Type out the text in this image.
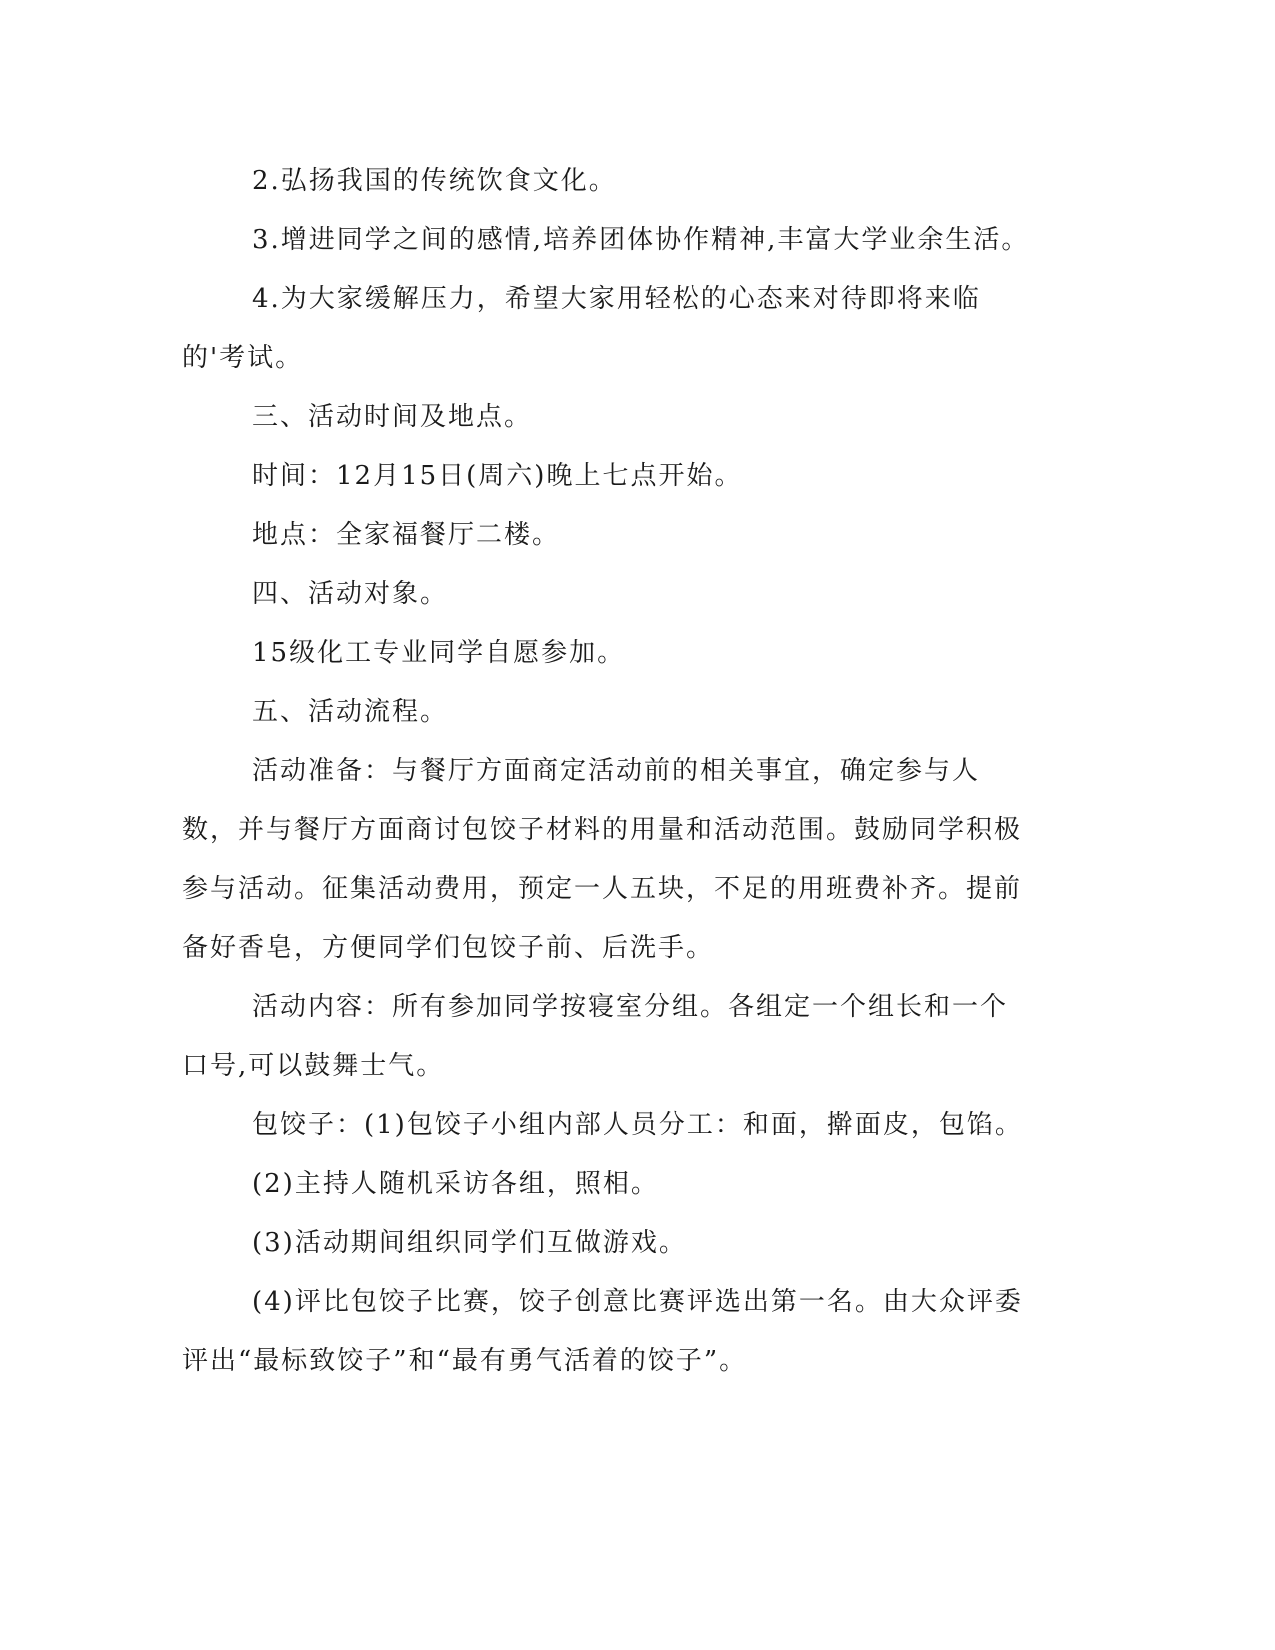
2.弘扬我国的传统饮食文化。

3.增进同学之间的感情,培养团体协作精神,丰富大学业余生活。

4.为大家缓解压力，希望大家用轻松的心态来对待即将来临的'考试。

三、活动时间及地点。

时间：12月15日(周六)晚上七点开始。

地点：全家福餐厅二楼。

四、活动对象。

15级化工专业同学自愿参加。

五、活动流程。

活动准备：与餐厅方面商定活动前的相关事宜，确定参与人数，并与餐厅方面商讨包饺子材料的用量和活动范围。鼓励同学积极参与活动。征集活动费用，预定一人五块，不足的用班费补齐。提前备好香皂，方便同学们包饺子前、后洗手。

活动内容：所有参加同学按寝室分组。各组定一个组长和一个口号,可以鼓舞士气。

包饺子：(1)包饺子小组内部人员分工：和面，擀面皮，包馅。

(2)主持人随机采访各组，照相。

(3)活动期间组织同学们互做游戏。

(4)评比包饺子比赛，饺子创意比赛评选出第一名。由大众评委评出“最标致饺子”和“最有勇气活着的饺子”。
